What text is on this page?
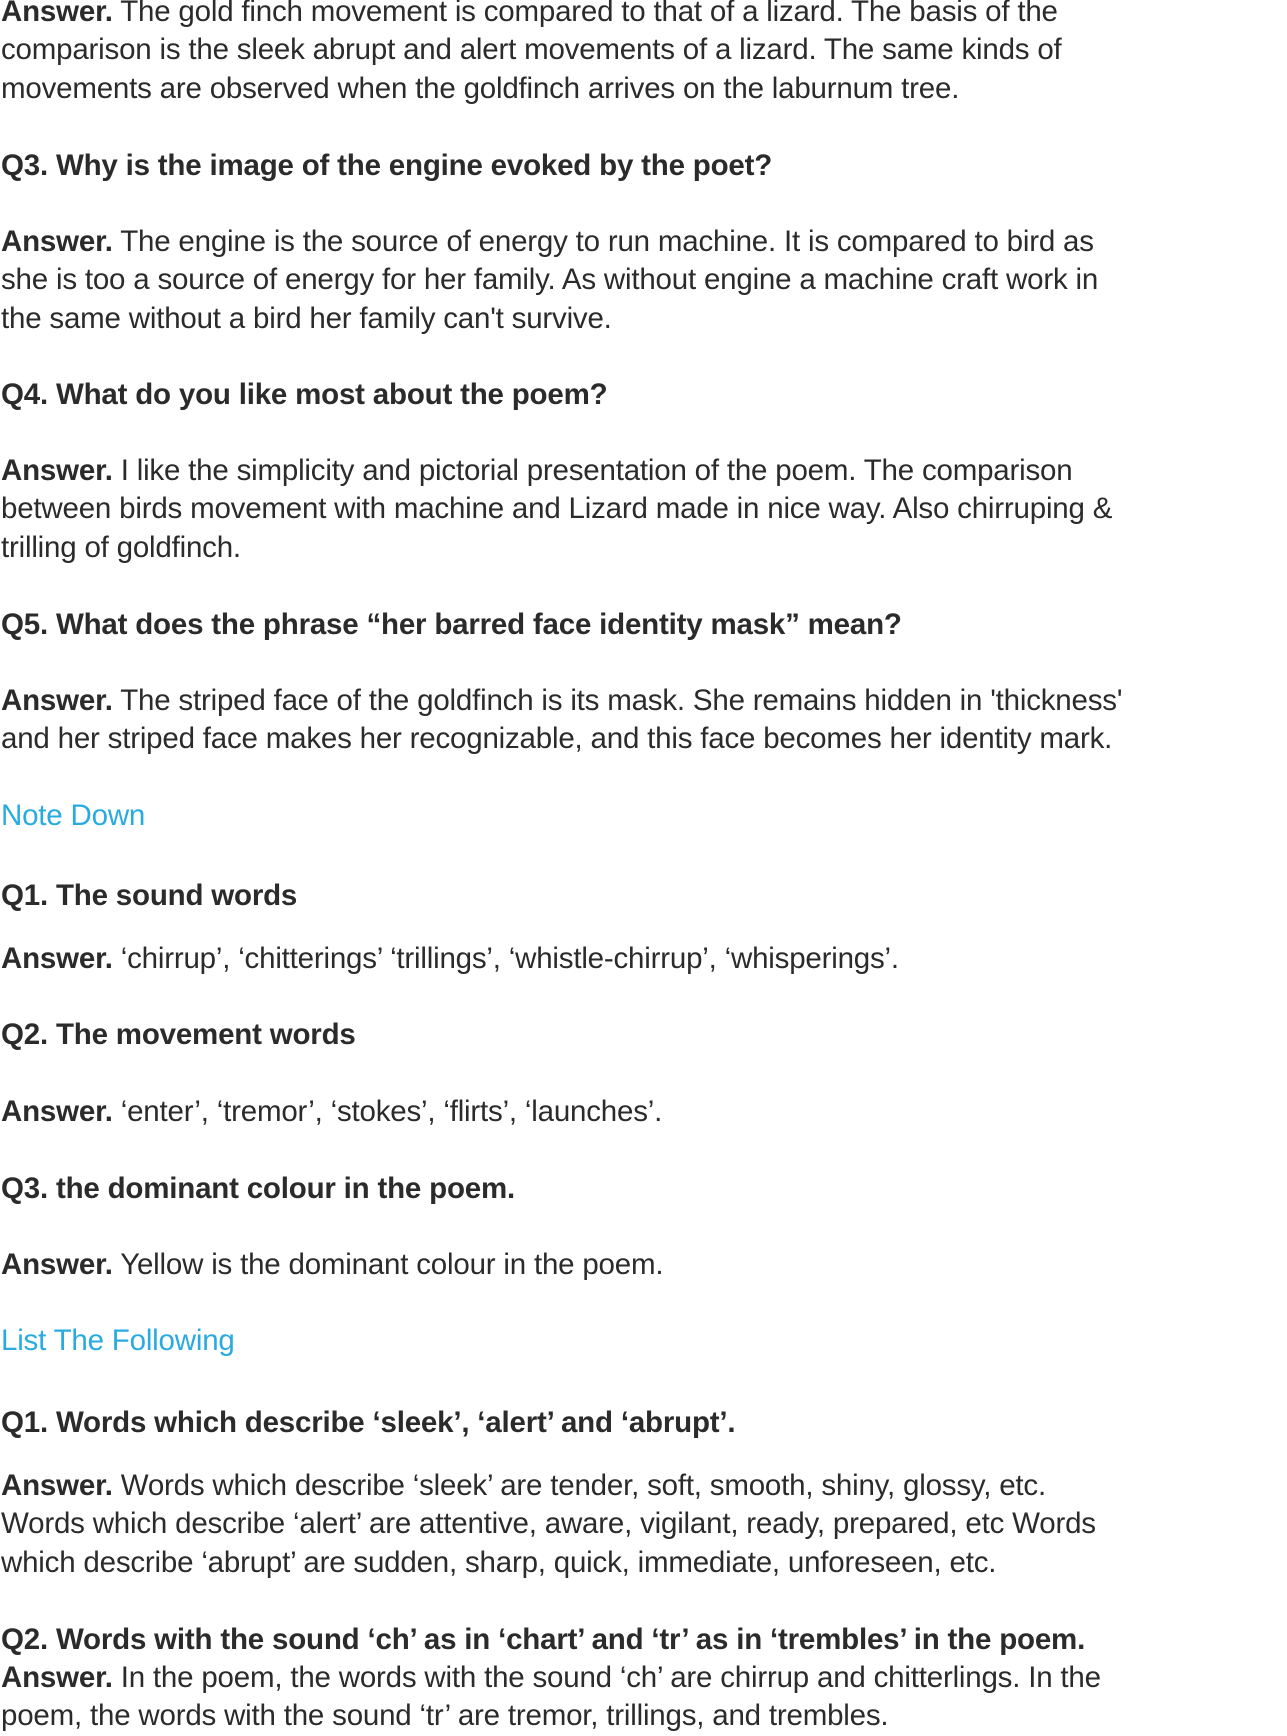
Answer. The gold finch movement is compared to that of a lizard. The basis of the
comparison is the sleek abrupt and alert movements of a lizard. The same kinds of
movements are observed when the goldfinch arrives on the laburnum tree.
Q3. Why is the image of the engine evoked by the poet?
Answer. The engine is the source of energy to run machine. It is compared to bird as
she is too a source of energy for her family. As without engine a machine craft work in
the same without a bird her family can't survive.
Q4. What do you like most about the poem?
Answer. I like the simplicity and pictorial presentation of the poem. The comparison
between birds movement with machine and Lizard made in nice way. Also chirruping &
trilling of goldfinch.
Q5. What does the phrase “her barred face identity mask” mean?
Answer. The striped face of the goldfinch is its mask. She remains hidden in 'thickness'
and her striped face makes her recognizable, and this face becomes her identity mark.
Note Down
Q1. The sound words
Answer. ‘chirrup’, ‘chitterings’ ‘trillings’, ‘whistle-chirrup’, ‘whisperings’.
Q2. The movement words
Answer. ‘enter’, ‘tremor’, ‘stokes’, ‘flirts’, ‘launches’.
Q3. the dominant colour in the poem.
Answer. Yellow is the dominant colour in the poem.
List The Following
Q1. Words which describe ‘sleek’, ‘alert’ and ‘abrupt’.
Answer. Words which describe ‘sleek’ are tender, soft, smooth, shiny, glossy, etc.
Words which describe ‘alert’ are attentive, aware, vigilant, ready, prepared, etc Words
which describe ‘abrupt’ are sudden, sharp, quick, immediate, unforeseen, etc.
Q2. Words with the sound ‘ch’ as in ‘chart’ and ‘tr’ as in ‘trembles’ in the poem.
Answer. In the poem, the words with the sound ‘ch’ are chirrup and chitterlings. In the
poem, the words with the sound ‘tr’ are tremor, trillings, and trembles.
